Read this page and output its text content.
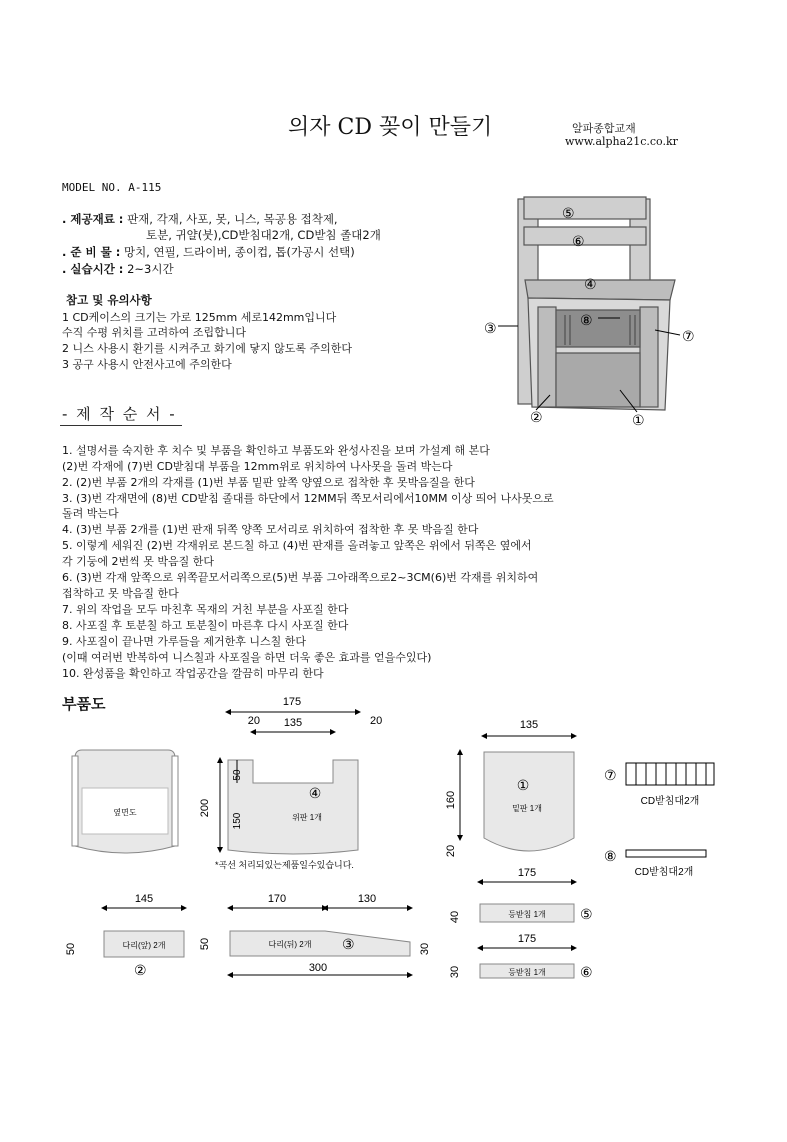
의자 CD 꽂이 만들기	알파종합교재
www.alpha21c.co.kr
MODEL NO. A-115
. 제공재료 : 판재, 각재, 사포, 못, 니스, 목공용 접착제,
토분, 귀얄(붓),CD받침대2개, CD받침 졸대2개
. 준 비 물 : 망치, 연필, 드라이버, 종이컵, 톱(가공시 선택)
. 실습시간 : 2~3시간
참고 및 유의사항
1 CD케이스의 크기는 가로 125mm 세로142mm입니다
수직 수평 위치를 고려하여 조립합니다
2 니스 사용시 환기를 시켜주고 화기에 닿지 않도록 주의한다
3 공구 사용시 안전사고에 주의한다
⑤
⑥
④
⑧
③	⑦
②	①
- 제 작 순 서 -
1. 설명서를 숙지한 후 치수 및 부품을 확인하고 부품도와 완성사진을 보며 가설계 해 본다
(2)번 각재에 (7)번 CD받침대 부품을 12mm위로 위치하여 나사못을 돌려 박는다
2. (2)번 부품 2개의 각재를 (1)번 부품 밑판 앞쪽 양옆으로 접착한 후 못박음질을 한다
3. (3)번 각재면에 (8)번 CD받침 졸대를 하단에서 12MM뒤 쪽모서리에서10MM 이상 띄어 나사못으로
돌려 박는다
4. (3)번 부품 2개를 (1)번 판재 뒤쪽 양쪽 모서리로 위치하여 접착한 후 못 박음질 한다
5. 이렇게 세워진 (2)번 각재위로 본드칠 하고 (4)번 판재를 올려놓고 앞쪽은 위에서 뒤쪽은 옆에서
각 기둥에 2번씩 못 박음질 한다
6. (3)번 각재 앞쪽으로 위쪽끝모서리쪽으로(5)번 부품 그아래쪽으로2~3CM(6)번 각재를 위치하여
접착하고 못 박음질 한다
7. 위의 작업을 모두 마친후 목재의 거친 부분을 사포질 한다
8. 사포질 후 토분칠 하고 토분칠이 마른후 다시 사포질 한다
9. 사포질이 끝나면 가루들을 제거한후 니스칠 한다
(이때 여러번 반복하여 니스칠과 사포질을 하면 더욱 좋은 효과를 얻을수있다)
10. 완성품을 확인하고 작업공간을 깔끔히 마무리 한다
부품도
옆면도
175
135
20	20
200
50
150
④
위판 1개
*곡선 처리되있는제품일수있습니다.
135
160
20
①
밑판 1개
⑦
CD받침대2개
⑧
CD받침대2개
145
50	다리(앞) 2개
②
170	130
50	30
300
다리(뒤) 2개 ③
175
40	등받침 1개 ⑤
175
30	등받침 1개 ⑥
